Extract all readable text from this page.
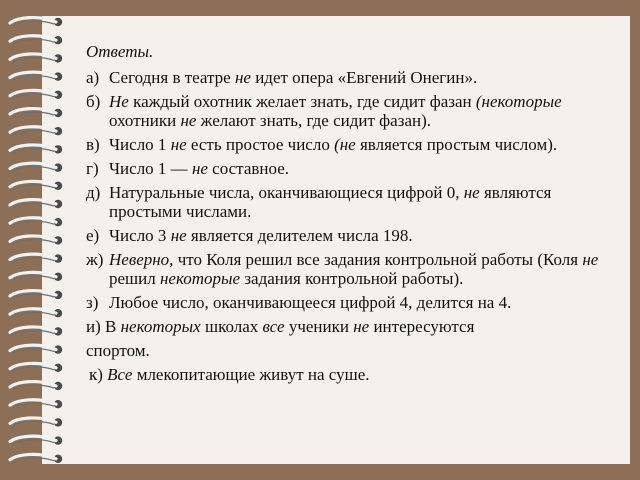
Ответы.
а) Сегодня в театре не идет опера «Евгений Онегин».
б) Не каждый охотник желает знать, где сидит фазан (некоторые охотники не желают знать, где сидит фазан).
в) Число 1 не есть простое число (не является простым числом).
г) Число 1 — не составное.
д) Натуральные числа, оканчивающиеся цифрой 0, не являются простыми числами.
е) Число 3 не является делителем числа 198.
ж) Неверно, что Коля решил все задания контрольной работы (Коля не решил некоторые задания контрольной работы).
з) Любое число, оканчивающееся цифрой 4, делится на 4.
и) В некоторых школах все ученики не интересуются
спортом.
к) Все млекопитающие живут на суше.
